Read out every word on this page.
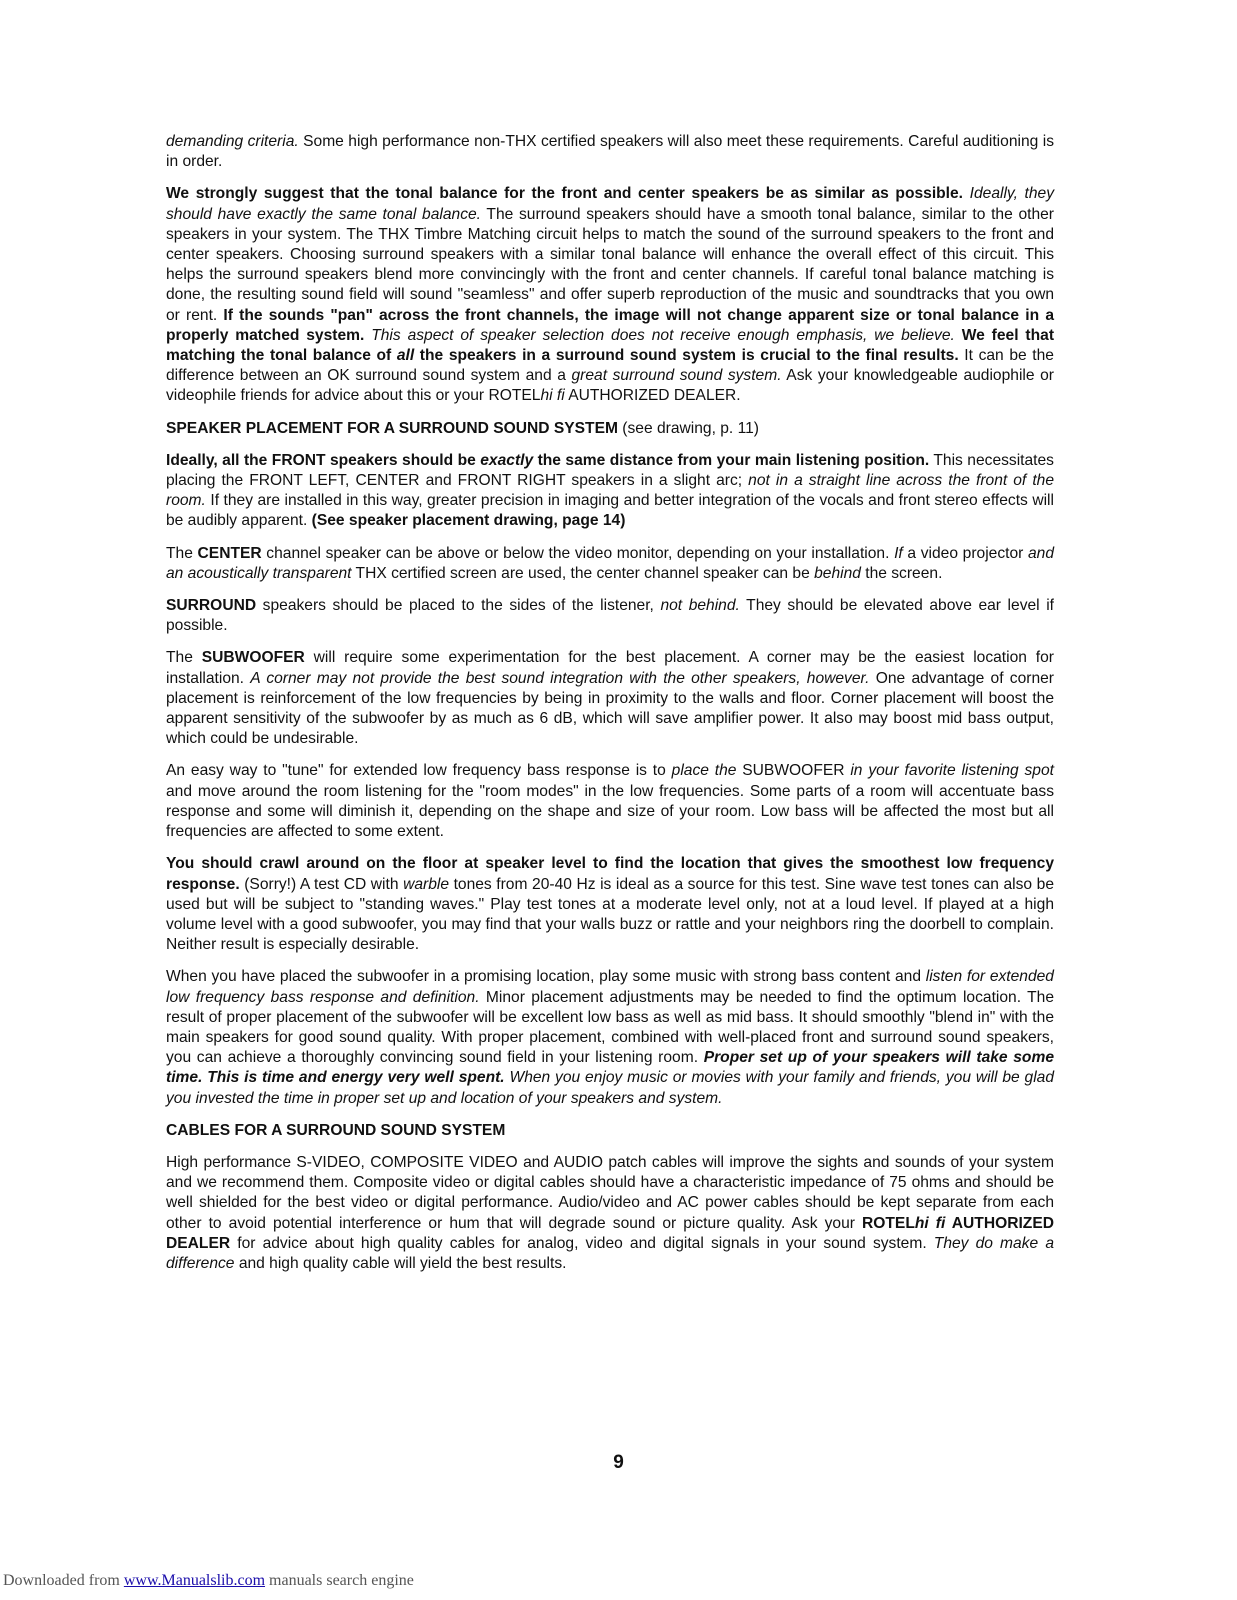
demanding criteria. Some high performance non-THX certified speakers will also meet these requirements. Careful auditioning is in order.

We strongly suggest that the tonal balance for the front and center speakers be as similar as possible. Ideally, they should have exactly the same tonal balance. The surround speakers should have a smooth tonal balance, similar to the other speakers in your system. The THX Timbre Matching circuit helps to match the sound of the surround speakers to the front and center speakers. Choosing surround speakers with a similar tonal balance will enhance the overall effect of this circuit. This helps the surround speakers blend more convincingly with the front and center channels. If careful tonal balance matching is done, the resulting sound field will sound "seamless" and offer superb reproduction of the music and soundtracks that you own or rent. If the sounds "pan" across the front channels, the image will not change apparent size or tonal balance in a properly matched system. This aspect of speaker selection does not receive enough emphasis, we believe. We feel that matching the tonal balance of all the speakers in a surround sound system is crucial to the final results. It can be the difference between an OK surround sound system and a great surround sound system. Ask your knowledgeable audiophile or videophile friends for advice about this or your ROTELhi fi AUTHORIZED DEALER.

SPEAKER PLACEMENT FOR A SURROUND SOUND SYSTEM (see drawing, p. 11)

Ideally, all the FRONT speakers should be exactly the same distance from your main listening position. This necessitates placing the FRONT LEFT, CENTER and FRONT RIGHT speakers in a slight arc; not in a straight line across the front of the room. If they are installed in this way, greater precision in imaging and better integration of the vocals and front stereo effects will be audibly apparent. (See speaker placement drawing, page 14)

The CENTER channel speaker can be above or below the video monitor, depending on your installation. If a video projector and an acoustically transparent THX certified screen are used, the center channel speaker can be behind the screen.

SURROUND speakers should be placed to the sides of the listener, not behind. They should be elevated above ear level if possible.

The SUBWOOFER will require some experimentation for the best placement. A corner may be the easiest location for installation. A corner may not provide the best sound integration with the other speakers, however. One advantage of corner placement is reinforcement of the low frequencies by being in proximity to the walls and floor. Corner placement will boost the apparent sensitivity of the subwoofer by as much as 6 dB, which will save amplifier power. It also may boost mid bass output, which could be undesirable.

An easy way to "tune" for extended low frequency bass response is to place the SUBWOOFER in your favorite listening spot and move around the room listening for the "room modes" in the low frequencies. Some parts of a room will accentuate bass response and some will diminish it, depending on the shape and size of your room. Low bass will be affected the most but all frequencies are affected to some extent.

You should crawl around on the floor at speaker level to find the location that gives the smoothest low frequency response. (Sorry!) A test CD with warble tones from 20-40 Hz is ideal as a source for this test. Sine wave test tones can also be used but will be subject to "standing waves." Play test tones at a moderate level only, not at a loud level. If played at a high volume level with a good subwoofer, you may find that your walls buzz or rattle and your neighbors ring the doorbell to complain. Neither result is especially desirable.

When you have placed the subwoofer in a promising location, play some music with strong bass content and listen for extended low frequency bass response and definition. Minor placement adjustments may be needed to find the optimum location. The result of proper placement of the subwoofer will be excellent low bass as well as mid bass. It should smoothly "blend in" with the main speakers for good sound quality. With proper placement, combined with well-placed front and surround sound speakers, you can achieve a thoroughly convincing sound field in your listening room. Proper set up of your speakers will take some time. This is time and energy very well spent. When you enjoy music or movies with your family and friends, you will be glad you invested the time in proper set up and location of your speakers and system.

CABLES FOR A SURROUND SOUND SYSTEM

High performance S-VIDEO, COMPOSITE VIDEO and AUDIO patch cables will improve the sights and sounds of your system and we recommend them. Composite video or digital cables should have a characteristic impedance of 75 ohms and should be well shielded for the best video or digital performance. Audio/video and AC power cables should be kept separate from each other to avoid potential interference or hum that will degrade sound or picture quality. Ask your ROTELhi fi AUTHORIZED DEALER for advice about high quality cables for analog, video and digital signals in your sound system. They do make a difference and high quality cable will yield the best results.

9
Downloaded from www.Manualslib.com manuals search engine
